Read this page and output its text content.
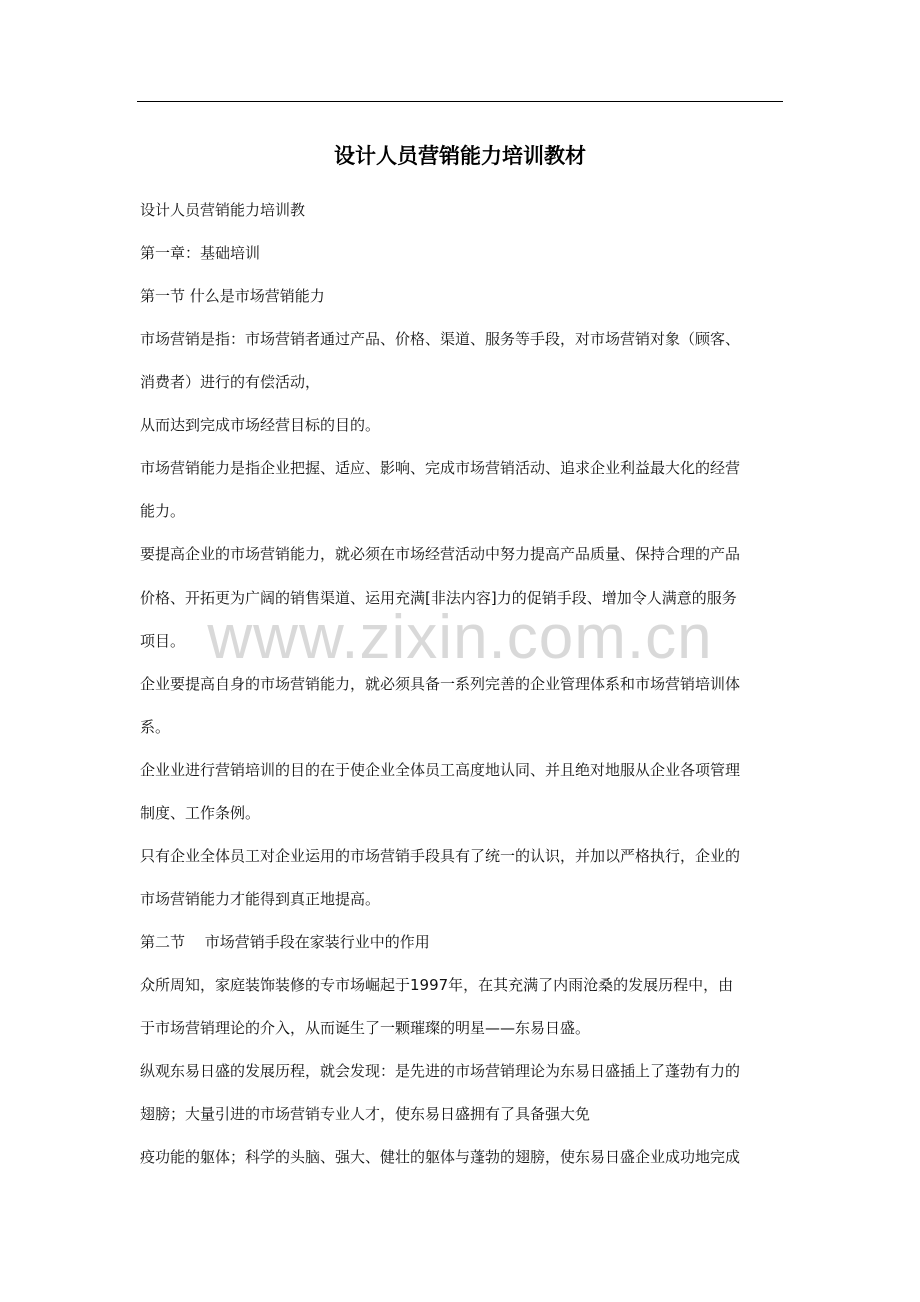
设计人员营销能力培训教材
设计人员营销能力培训教
第一章：基础培训
第一节 什么是市场营销能力
市场营销是指：市场营销者通过产品、价格、渠道、服务等手段，对市场营销对象（顾客、
消费者）进行的有偿活动，
从而达到完成市场经营目标的目的。
市场营销能力是指企业把握、适应、影响、完成市场营销活动、追求企业利益最大化的经营
能力。
要提高企业的市场营销能力，就必须在市场经营活动中努力提高产品质量、保持合理的产品
价格、开拓更为广阔的销售渠道、运用充满[非法内容]力的促销手段、增加令人满意的服务
项目。
企业要提高自身的市场营销能力，就必须具备一系列完善的企业管理体系和市场营销培训体
系。
企业业进行营销培训的目的在于使企业全体员工高度地认同、并且绝对地服从企业各项管理
制度、工作条例。
只有企业全体员工对企业运用的市场营销手段具有了统一的认识，并加以严格执行，企业的
市场营销能力才能得到真正地提高。
第二节　 市场营销手段在家装行业中的作用
众所周知，家庭装饰装修的专市场崛起于1997年，在其充满了内雨沧桑的发展历程中，由
于市场营销理论的介入，从而诞生了一颗璀璨的明星——东易日盛。
纵观东易日盛的发展历程，就会发现：是先进的市场营销理论为东易日盛插上了蓬勃有力的
翅膀；大量引进的市场营销专业人才，使东易日盛拥有了具备强大免
疫功能的躯体；科学的头脑、强大、健壮的躯体与蓬勃的翅膀，使东易日盛企业成功地完成
www.zixin.com.cn
